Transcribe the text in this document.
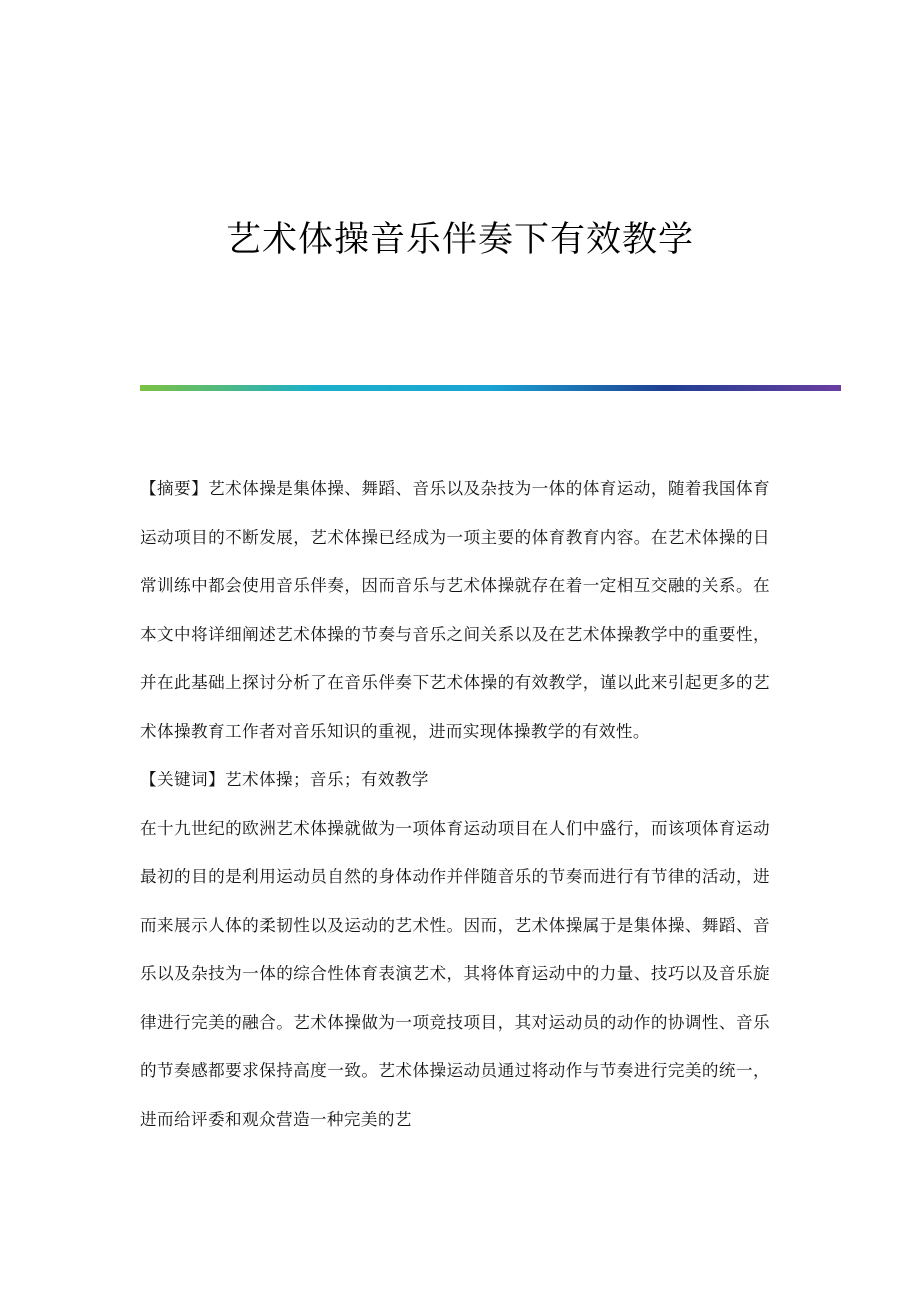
艺术体操音乐伴奏下有效教学

【摘要】艺术体操是集体操、舞蹈、音乐以及杂技为一体的体育运动，随着我国体育运动项目的不断发展，艺术体操已经成为一项主要的体育教育内容。在艺术体操的日常训练中都会使用音乐伴奏，因而音乐与艺术体操就存在着一定相互交融的关系。在本文中将详细阐述艺术体操的节奏与音乐之间关系以及在艺术体操教学中的重要性，并在此基础上探讨分析了在音乐伴奏下艺术体操的有效教学，谨以此来引起更多的艺术体操教育工作者对音乐知识的重视，进而实现体操教学的有效性。

【关键词】艺术体操；音乐；有效教学

在十九世纪的欧洲艺术体操就做为一项体育运动项目在人们中盛行，而该项体育运动最初的目的是利用运动员自然的身体动作并伴随音乐的节奏而进行有节律的活动，进而来展示人体的柔韧性以及运动的艺术性。因而，艺术体操属于是集体操、舞蹈、音乐以及杂技为一体的综合性体育表演艺术，其将体育运动中的力量、技巧以及音乐旋律进行完美的融合。艺术体操做为一项竞技项目，其对运动员的动作的协调性、音乐的节奏感都要求保持高度一致。艺术体操运动员通过将动作与节奏进行完美的统一，进而给评委和观众营造一种完美的艺
